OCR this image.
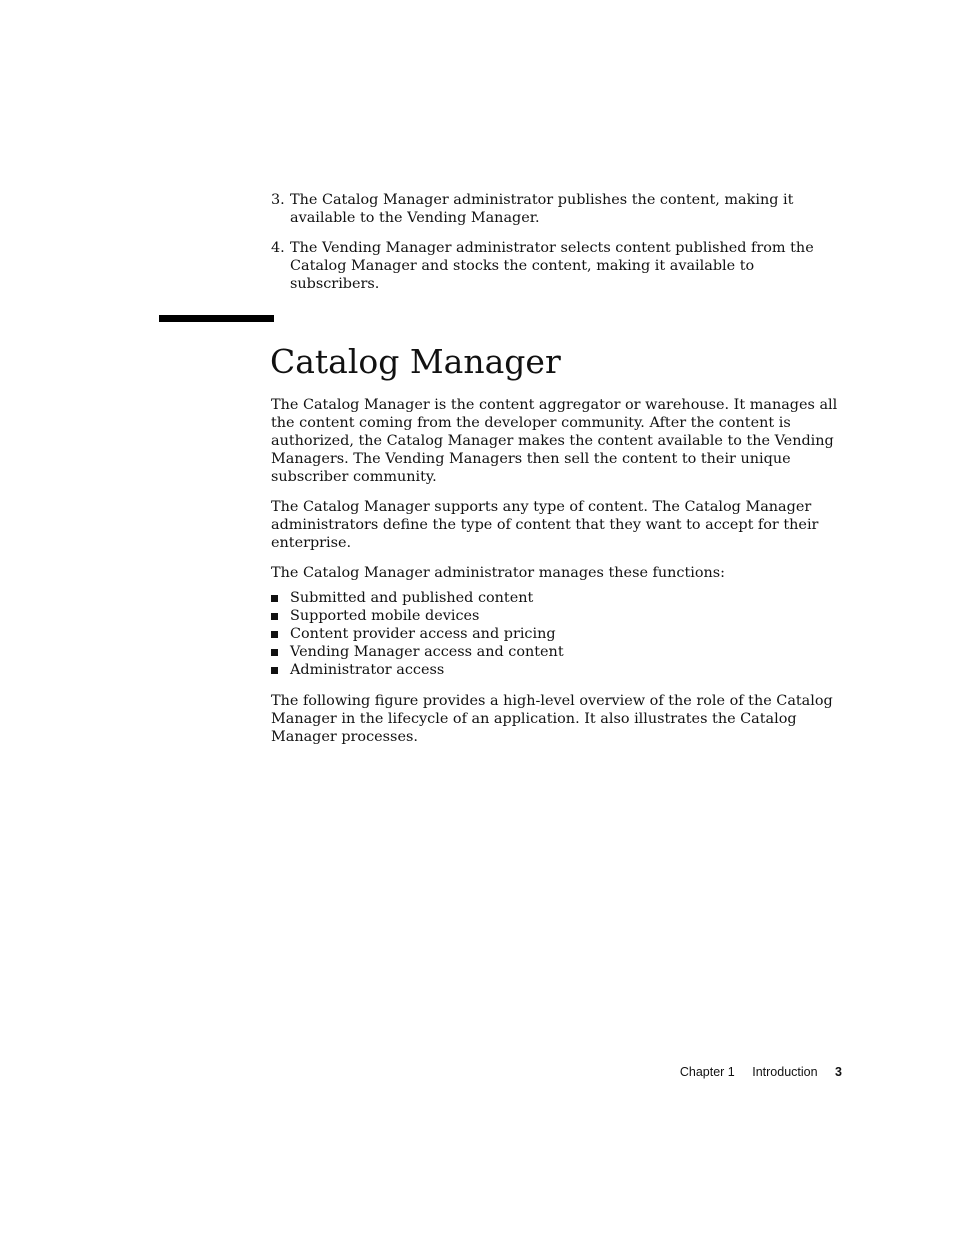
3. The Catalog Manager administrator publishes the content, making it available to the Vending Manager.
4. The Vending Manager administrator selects content published from the Catalog Manager and stocks the content, making it available to subscribers.
Catalog Manager

The Catalog Manager is the content aggregator or warehouse. It manages all the content coming from the developer community. After the content is authorized, the Catalog Manager makes the content available to the Vending Managers. The Vending Managers then sell the content to their unique subscriber community.

The Catalog Manager supports any type of content. The Catalog Manager administrators define the type of content that they want to accept for their enterprise.

The Catalog Manager administrator manages these functions:

Submitted and published content
Supported mobile devices
Content provider access and pricing
Vending Manager access and content
Administrator access

The following figure provides a high-level overview of the role of the Catalog Manager in the lifecycle of an application. It also illustrates the Catalog Manager processes.

Chapter 1 Introduction 3
